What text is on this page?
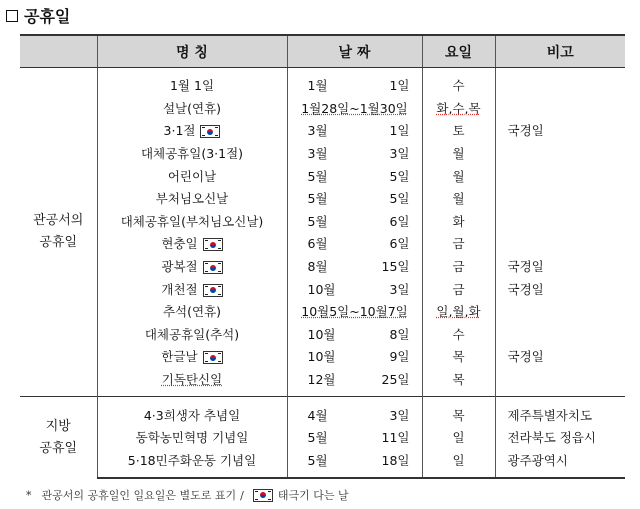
공휴일
	명 칭	날 짜	요일	비고
관공서의
공휴일				
	1월 1일	1월 1일	수	
	설날(연휴)	1월28일~1월30일	화,수,목	
	3·1절	3월 1일	토	국경일
	대체공휴일(3·1절)	3월 3일	월	
	어린이날	5월 5일	월	
	부처님오신날	5월 5일	월	
	대체공휴일(부처님오신날)	5월 6일	화	
	현충일	6월 6일	금	
	광복절	8월 15일	금	국경일
	개천절	10월 3일	금	국경일
	추석(연휴)	10월5일~10월7일	일,월,화	
	대체공휴일(추석)	10월 8일	수	
	한글날	10월 9일	목	국경일
	기독탄신일	12월 25일	목	

지방
공휴일				
	4·3희생자 추념일	4월 3일	목	제주특별자치도
	동학농민혁명 기념일	5월 11일	일	전라북도 정읍시
	5·18민주화운동 기념일	5월 18일	일	광주광역시

* 관공서의 공휴일인 일요일은 별도로 표기 /	태극기 다는 날
